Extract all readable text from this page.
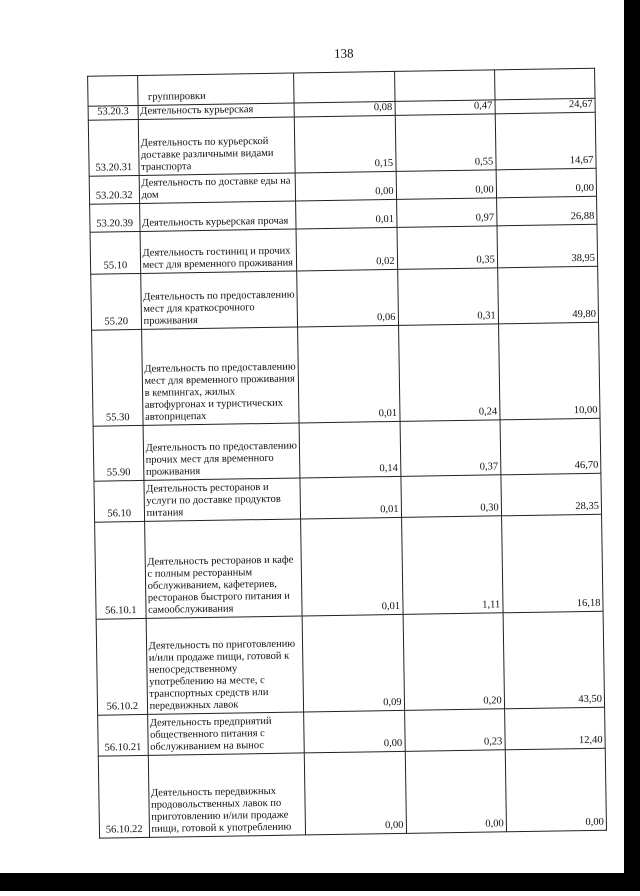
138
	группировки			
53.20.3	Деятельность курьерская	0,08	0,47	24,67
53.20.31	Деятельность по курьерской доставке различными видами транспорта	0,15	0,55	14,67
53.20.32	Деятельность по доставке еды на дом	0,00	0,00	0,00
53.20.39	Деятельность курьерская прочая	0,01	0,97	26,88
55.10	Деятельность гостиниц и прочих мест для временного проживания	0,02	0,35	38,95
55.20	Деятельность по предоставлению мест для краткосрочного проживания	0,06	0,31	49,80
55.30	Деятельность по предоставлению мест для временного проживания в кемпингах, жилых автофургонах и туристических автоприцепах	0,01	0,24	10,00
55.90	Деятельность по предоставлению прочих мест для временного проживания	0,14	0,37	46,70
56.10	Деятельность ресторанов и услуги по доставке продуктов питания	0,01	0,30	28,35
56.10.1	Деятельность ресторанов и кафе с полным ресторанным обслуживанием, кафетериев, ресторанов быстрого питания и самообслуживания	0,01	1,11	16,18
56.10.2	Деятельность по приготовлению и/или продаже пищи, готовой к непосредственному употреблению на месте, с транспортных средств или передвижных лавок	0,09	0,20	43,50
56.10.21	Деятельность предприятий общественного питания с обслуживанием на вынос	0,00	0,23	12,40
56.10.22	Деятельность передвижных продовольственных лавок по приготовлению и/или продаже пищи, готовой к употреблению	0,00	0,00	0,00
